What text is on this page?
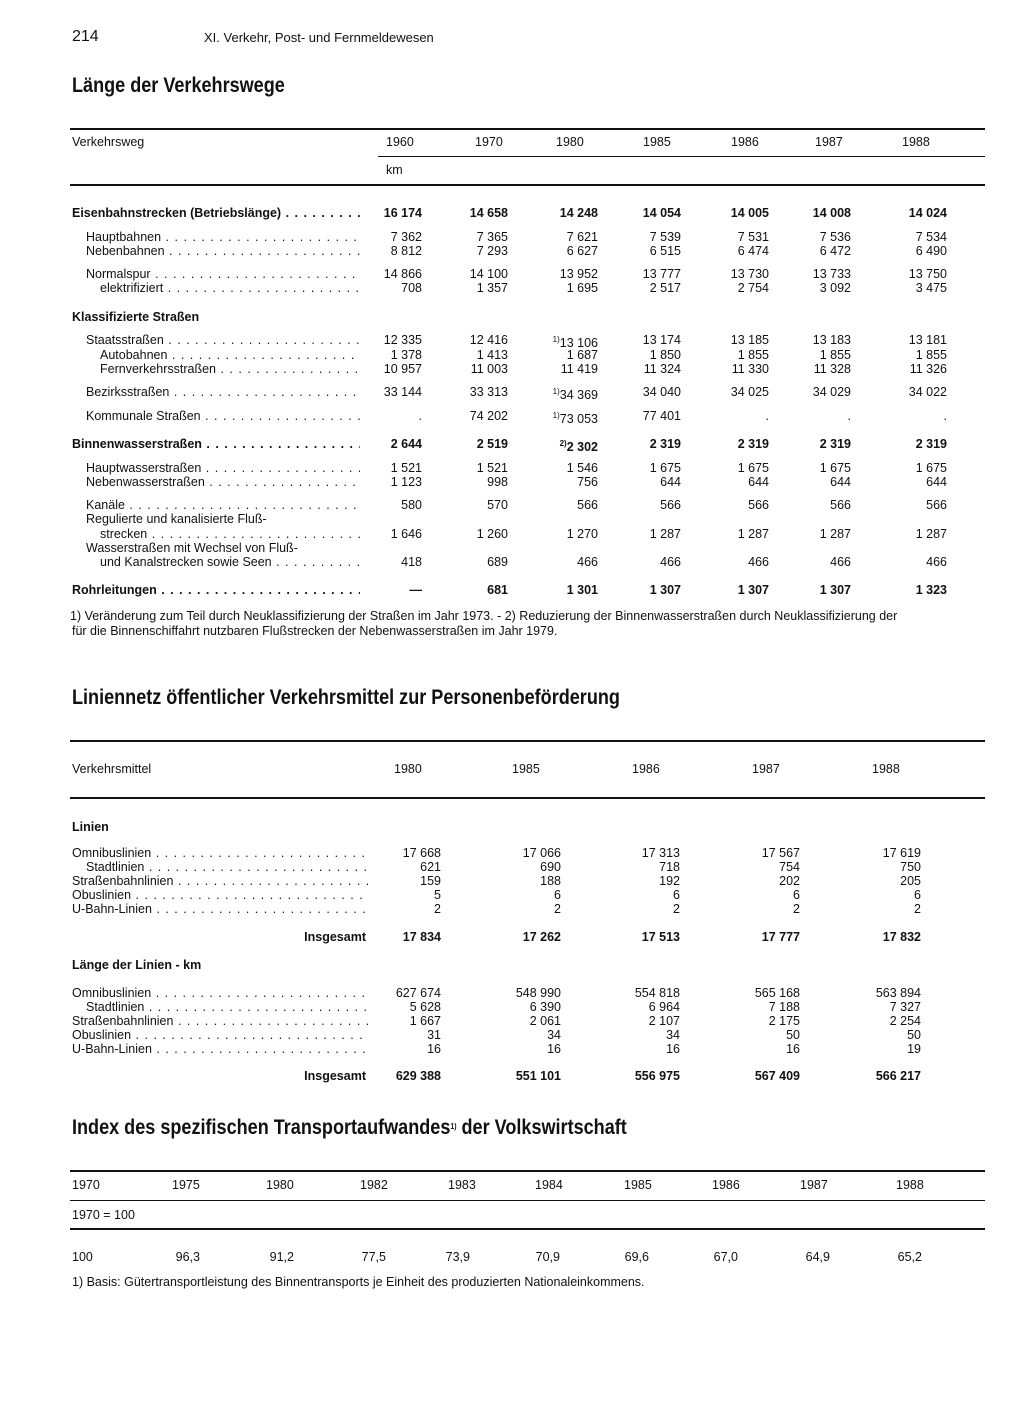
214	XI. Verkehr, Post- und Fernmeldewesen
Länge der Verkehrswege
Verkehrsweg	1960	1970	1980	1985	1986	1987	1988
km
Eisenbahnstrecken (Betriebslänge) . . .	16 174	14 658	14 248	14 054	14 005	14 008	14 024
Hauptbahnen . . .	7 362	7 365	7 621	7 539	7 531	7 536	7 534
Nebenbahnen . . .	8 812	7 293	6 627	6 515	6 474	6 472	6 490
Normalspur . . .	14 866	14 100	13 952	13 777	13 730	13 733	13 750
elektrifiziert . . .	708	1 357	1 695	2 517	2 754	3 092	3 475
Klassifizierte Straßen
Staatsstraßen . . .	12 335	12 416	$^{1)}$13 106	13 174	13 185	13 183	13 181
Autobahnen . . .	1 378	1 413	1 687	1 850	1 855	1 855	1 855
Fernverkehrsstraßen . . .	10 957	11 003	11 419	11 324	11 330	11 328	11 326
Bezirksstraßen . . .	33 144	33 313	$^{1)}$34 369	34 040	34 025	34 029	34 022
Kommunale Straßen . . .	.	74 202	$^{1)}$73 053	77 401	.	.	.
Binnenwasserstraßen . . .	2 644	2 519	$^{2)}$2 302	2 319	2 319	2 319	2 319
Hauptwasserstraßen . . .	1 521	1 521	1 546	1 675	1 675	1 675	1 675
Nebenwasserstraßen . . .	1 123	998	756	644	644	644	644
Kanäle . . .	580	570	566	566	566	566	566
Regulierte und kanalisierte Fluß-
strecken . . .	1 646	1 260	1 270	1 287	1 287	1 287	1 287
Wasserstraßen mit Wechsel von Fluß-
und Kanalstrecken sowie Seen . . .	418	689	466	466	466	466	466
Rohrleitungen . . .	—	681	1 301	1 307	1 307	1 307	1 323
1) Veränderung zum Teil durch Neuklassifizierung der Straßen im Jahr 1973. - 2) Reduzierung der Binnenwasserstraßen durch Neuklassifizierung der
für die Binnenschiffahrt nutzbaren Flußstrecken der Nebenwasserstraßen im Jahr 1979.
Liniennetz öffentlicher Verkehrsmittel zur Personenbeförderung
Verkehrsmittel	1980	1985	1986	1987	1988
Linien
Omnibuslinien . . .	17 668	17 066	17 313	17 567	17 619
Stadtlinien . . .	621	690	718	754	750
Straßenbahnlinien . . .	159	188	192	202	205
Obuslinien . . .	5	6	6	6	6
U-Bahn-Linien . . .	2	2	2	2	2
Insgesamt	17 834	17 262	17 513	17 777	17 832
Länge der Linien - km
Omnibuslinien . . .	627 674	548 990	554 818	565 168	563 894
Stadtlinien . . .	5 628	6 390	6 964	7 188	7 327
Straßenbahnlinien . . .	1 667	2 061	2 107	2 175	2 254
Obuslinien . . .	31	34	34	50	50
U-Bahn-Linien . . .	16	16	16	16	19
Insgesamt	629 388	551 101	556 975	567 409	566 217
Index des spezifischen Transportaufwandes$^{1)}$ der Volkswirtschaft
1970	1975	1980	1982	1983	1984	1985	1986	1987	1988
1970 = 100
100	96,3	91,2	77,5	73,9	70,9	69,6	67,0	64,9	65,2
1) Basis: Gütertransportleistung des Binnentransports je Einheit des produzierten Nationaleinkommens.
